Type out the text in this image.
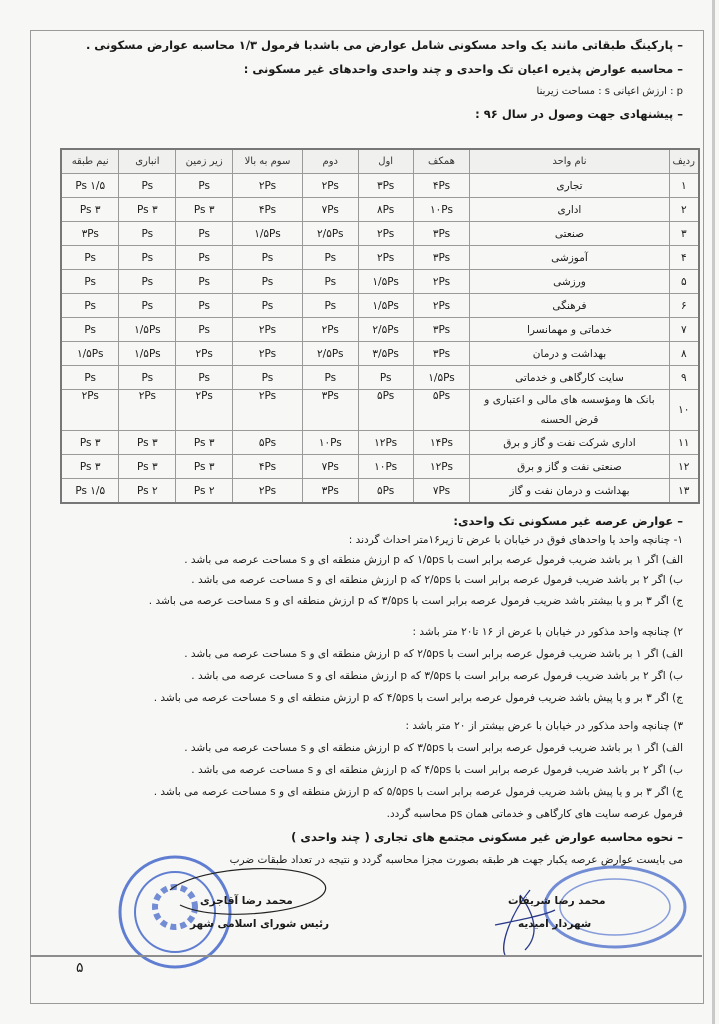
– پارکینگ طبقاتی مانند یک واحد مسکونی شامل عوارض می باشدبا فرمول ۱/۳ محاسبه عوارض مسکونی .
– محاسبه عوارض پذیره اعیان تک واحدی و چند واحدی واحدهای غیر مسکونی :
p : ارزش اعیانی s : مساحت زیربنا
– پیشنهادی جهت وصول در سال ۹۶ :
ردیف	نام واحد	همکف	اول	دوم	سوم به بالا	زیر زمین	انباری	نیم طبقه
۱	تجاری	۴Ps	۳Ps	۲Ps	۲Ps	Ps	Ps	۱/۵ Ps
۲	اداری	۱۰Ps	۸Ps	۷Ps	۴Ps	۳ Ps	۳ Ps	۳ Ps
۳	صنعتی	۳Ps	۲Ps	۲/۵Ps	۱/۵Ps	Ps	Ps	۳Ps
۴	آموزشی	۳Ps	۲Ps	Ps	Ps	Ps	Ps	Ps
۵	ورزشی	۲Ps	۱/۵Ps	Ps	Ps	Ps	Ps	Ps
۶	فرهنگی	۲Ps	۱/۵Ps	Ps	Ps	Ps	Ps	Ps
۷	خدماتی و مهمانسرا	۳Ps	۲/۵Ps	۲Ps	۲Ps	Ps	۱/۵Ps	Ps
۸	بهداشت و درمان	۳Ps	۳/۵Ps	۲/۵Ps	۲Ps	۲Ps	۱/۵Ps	۱/۵Ps
۹	سایت کارگاهی و خدماتی	۱/۵Ps	Ps	Ps	Ps	Ps	Ps	Ps
۱۰	بانک ها ومؤسسه های مالی و اعتباری و قرض الحسنه	۵Ps	۵Ps	۳Ps	۲Ps	۲Ps	۲Ps	۲Ps
۱۱	اداری شرکت نفت و گاز و برق	۱۴Ps	۱۲Ps	۱۰Ps	۵Ps	۳ Ps	۳ Ps	۳ Ps
۱۲	صنعتی نفت و گاز و برق	۱۲Ps	۱۰Ps	۷Ps	۴Ps	۳ Ps	۳ Ps	۳ Ps
۱۳	بهداشت و درمان نفت و گاز	۷Ps	۵Ps	۳Ps	۲Ps	۲ Ps	۲ Ps	۱/۵ Ps
– عوارض عرصه غیر مسکونی تک واحدی:
۱- چنانچه واحد یا واحدهای فوق در خیابان با عرض تا زیر۱۶متر احداث گردند :
الف) اگر ۱ بر باشد ضریب فرمول عرصه برابر است با ۱/۵ps که p ارزش منطقه ای و s مساحت عرصه می باشد .
ب) اگر ۲ بر باشد ضریب فرمول عرصه برابر است با ۲/۵ps که p ارزش منطقه ای و s مساحت عرصه می باشد .
ج) اگر ۳ بر و یا بیشتر باشد ضریب فرمول عرصه برابر است با ۳/۵ps که p ارزش منطقه ای و s مساحت عرصه می باشد .
۲) چنانچه واحد مذکور در خیابان با عرض از ۱۶ تا۲۰ متر باشد :
الف) اگر ۱ بر باشد ضریب فرمول عرصه برابر است با ۲/۵ps که p ارزش منطقه ای و s مساحت عرصه می باشد .
ب) اگر ۲ بر باشد ضریب فرمول عرصه برابر است با ۳/۵ps که p ارزش منطقه ای و s مساحت عرصه می باشد .
ج) اگر ۳ بر و یا پیش باشد ضریب فرمول عرصه برابر است با ۴/۵ps که p ارزش منطقه ای و s مساحت عرصه می باشد .
۳) چنانچه واحد مذکور در خیابان با عرض بیشتر از ۲۰ متر باشد :
الف) اگر ۱ بر باشد ضریب فرمول عرصه برابر است با ۳/۵ps که p ارزش منطقه ای و s مساحت عرصه می باشد .
ب) اگر ۲ بر باشد ضریب فرمول عرصه برابر است با ۴/۵ps که p ارزش منطقه ای و s مساحت عرصه می باشد .
ج) اگر ۳ بر و یا پیش باشد ضریب فرمول عرصه برابر است با ۵/۵ps که p ارزش منطقه ای و s مساحت عرصه می باشد .
فرمول عرصه سایت های کارگاهی و خدماتی همان ps محاسبه گردد.
– نحوه محاسبه عوارض غیر مسکونی مجتمع های تجاری ( چند واحدی )
می بایست عوارض عرصه یکبار جهت هر طبقه بصورت مجزا محاسبه گردد و نتیجه در تعداد طبقات ضرب
محمد رضا آقاجری
رئیس شورای اسلامی شهر
محمد رضا شریفات
شهردار امیدیه
۵
